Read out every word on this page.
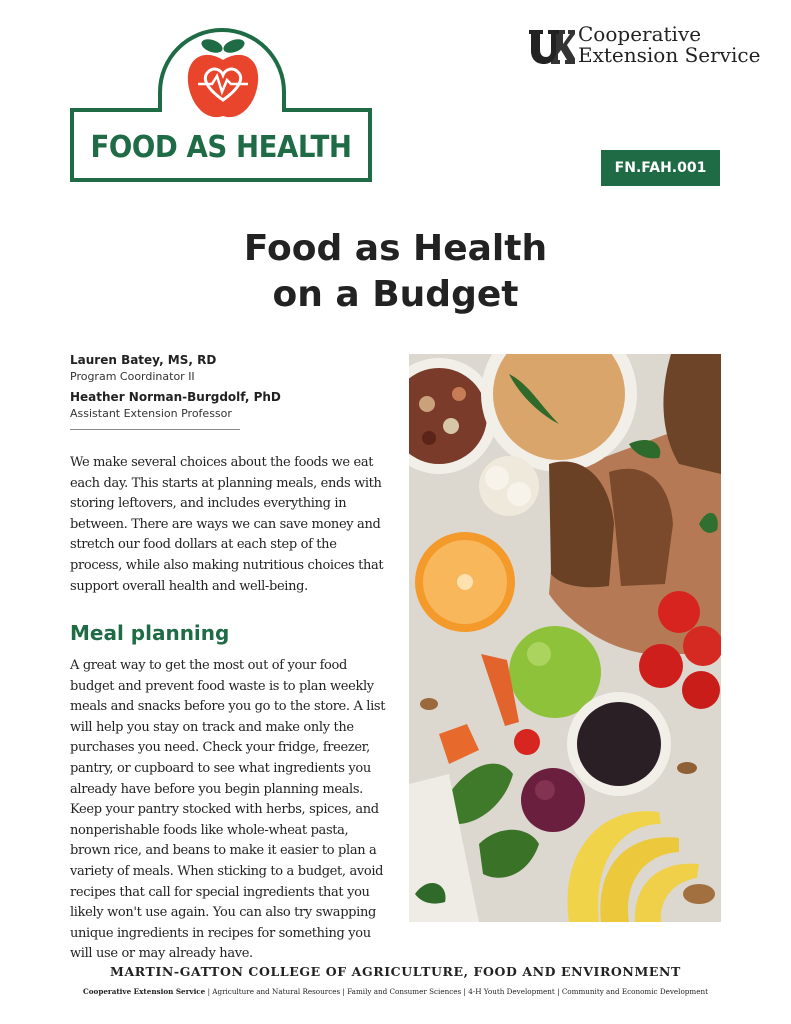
FOOD AS HEALTH
Cooperative
Extension Service
FN.FAH.001
Food as Health
on a Budget
Lauren Batey, MS, RD
Program Coordinator II
Heather Norman-Burgdolf, PhD
Assistant Extension Professor
We make several choices about the foods we eat each day. This starts at planning meals, ends with storing leftovers, and includes everything in between. There are ways we can save money and stretch our food dollars at each step of the process, while also making nutritious choices that support overall health and well-being.
Meal planning
A great way to get the most out of your food budget and prevent food waste is to plan weekly meals and snacks before you go to the store. A list will help you stay on track and make only the purchases you need. Check your fridge, freezer, pantry, or cupboard to see what ingredients you already have before you begin planning meals. Keep your pantry stocked with herbs, spices, and nonperishable foods like whole-wheat pasta, brown rice, and beans to make it easier to plan a variety of meals. When sticking to a budget, avoid recipes that call for special ingredients that you likely won't use again. You can also try swapping unique ingredients in recipes for something you will use or may already have.
MARTIN-GATTON COLLEGE OF AGRICULTURE, FOOD AND ENVIRONMENT
Cooperative Extension Service | Agriculture and Natural Resources | Family and Consumer Sciences | 4-H Youth Development | Community and Economic Development
